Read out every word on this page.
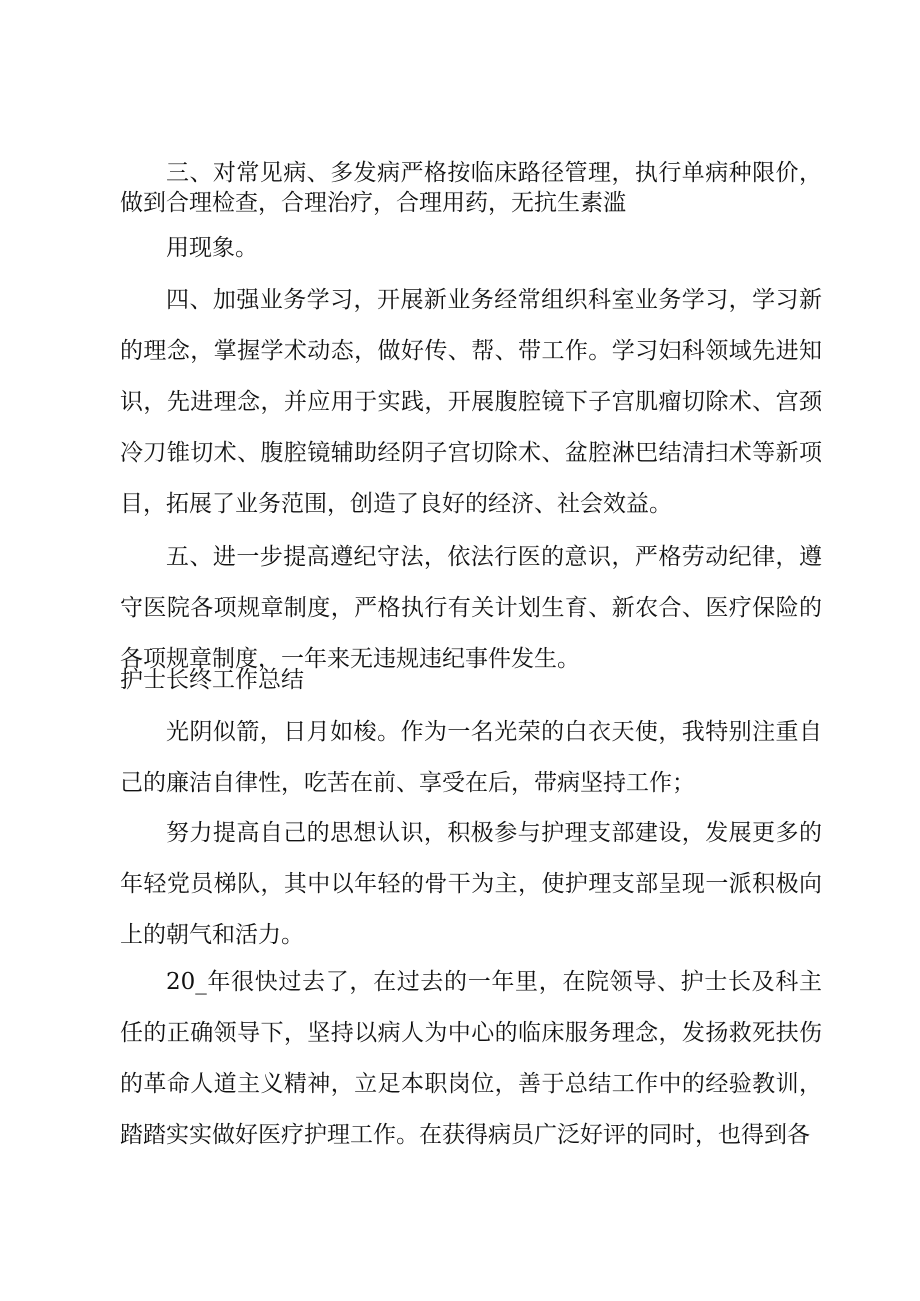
三、对常见病、多发病严格按临床路径管理，执行单病种限价，做到合理检查，合理治疗，合理用药，无抗生素滥

用现象。

四、加强业务学习，开展新业务经常组织科室业务学习，学习新的理念，掌握学术动态，做好传、帮、带工作。学习妇科领域先进知识，先进理念，并应用于实践，开展腹腔镜下子宫肌瘤切除术、宫颈冷刀锥切术、腹腔镜辅助经阴子宫切除术、盆腔淋巴结清扫术等新项目，拓展了业务范围，创造了良好的经济、社会效益。

五、进一步提高遵纪守法，依法行医的意识，严格劳动纪律，遵守医院各项规章制度，严格执行有关计划生育、新农合、医疗保险的各项规章制度，一年来无违规违纪事件发生。

护士长终工作总结

光阴似箭，日月如梭。作为一名光荣的白衣天使，我特别注重自己的廉洁自律性，吃苦在前、享受在后，带病坚持工作；

努力提高自己的思想认识，积极参与护理支部建设，发展更多的年轻党员梯队，其中以年轻的骨干为主，使护理支部呈现一派积极向上的朝气和活力。

20_年很快过去了，在过去的一年里，在院领导、护士长及科主任的正确领导下，坚持以病人为中心的临床服务理念，发扬救死扶伤的革命人道主义精神，立足本职岗位，善于总结工作中的经验教训，踏踏实实做好医疗护理工作。在获得病员广泛好评的同时，也得到各
